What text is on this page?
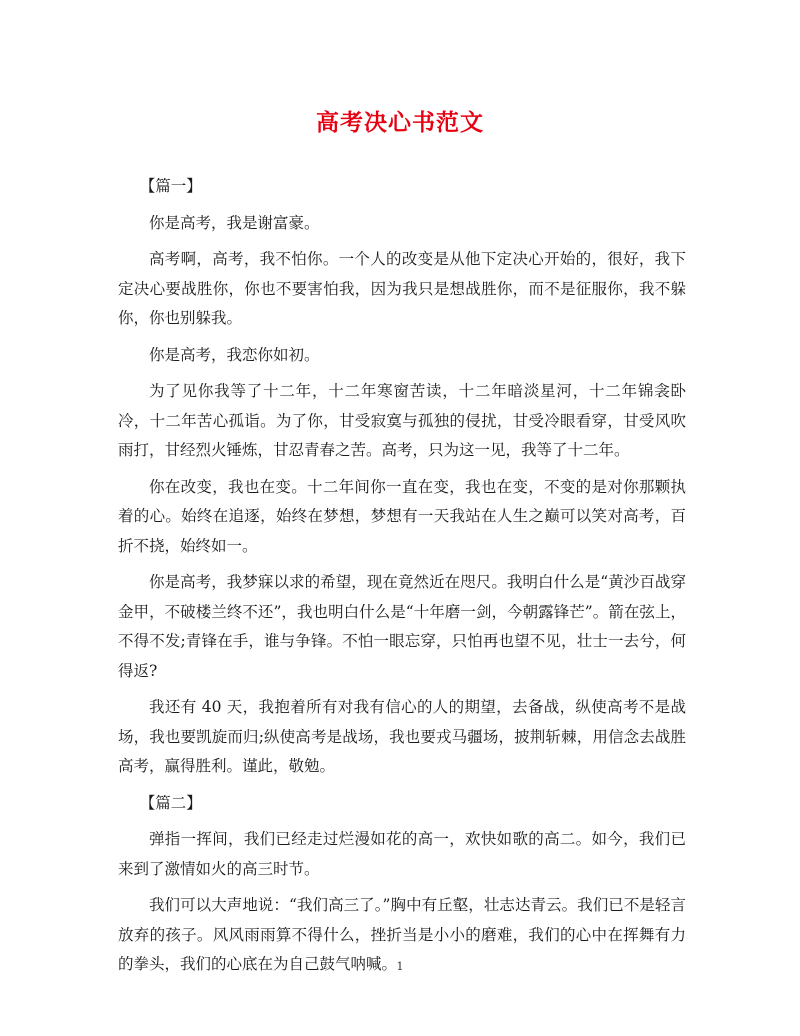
高考决心书范文

【篇一】

你是高考，我是谢富豪。

高考啊，高考，我不怕你。一个人的改变是从他下定决心开始的，很好，我下定决心要战胜你，你也不要害怕我，因为我只是想战胜你，而不是征服你，我不躲你，你也别躲我。

你是高考，我恋你如初。

为了见你我等了十二年，十二年寒窗苦读，十二年暗淡星河，十二年锦衾卧冷，十二年苦心孤诣。为了你，甘受寂寞与孤独的侵扰，甘受冷眼看穿，甘受风吹雨打，甘经烈火锤炼，甘忍青春之苦。高考，只为这一见，我等了十二年。

你在改变，我也在变。十二年间你一直在变，我也在变，不变的是对你那颗执着的心。始终在追逐，始终在梦想，梦想有一天我站在人生之巅可以笑对高考，百折不挠，始终如一。

你是高考，我梦寐以求的希望，现在竟然近在咫尺。我明白什么是“黄沙百战穿金甲，不破楼兰终不还”，我也明白什么是“十年磨一剑，今朝露锋芒”。箭在弦上，不得不发;青锋在手，谁与争锋。不怕一眼忘穿，只怕再也望不见，壮士一去兮，何得返?

我还有 40 天，我抱着所有对我有信心的人的期望，去备战，纵使高考不是战场，我也要凯旋而归;纵使高考是战场，我也要戎马疆场，披荆斩棘，用信念去战胜高考，赢得胜利。谨此，敬勉。

【篇二】

弹指一挥间，我们已经走过烂漫如花的高一，欢快如歌的高二。如今，我们已来到了激情如火的高三时节。

我们可以大声地说：“我们高三了。”胸中有丘壑，壮志达青云。我们已不是轻言放弃的孩子。风风雨雨算不得什么，挫折当是小小的磨难，我们的心中在挥舞有力的拳头，我们的心底在为自己鼓气呐喊。 1
